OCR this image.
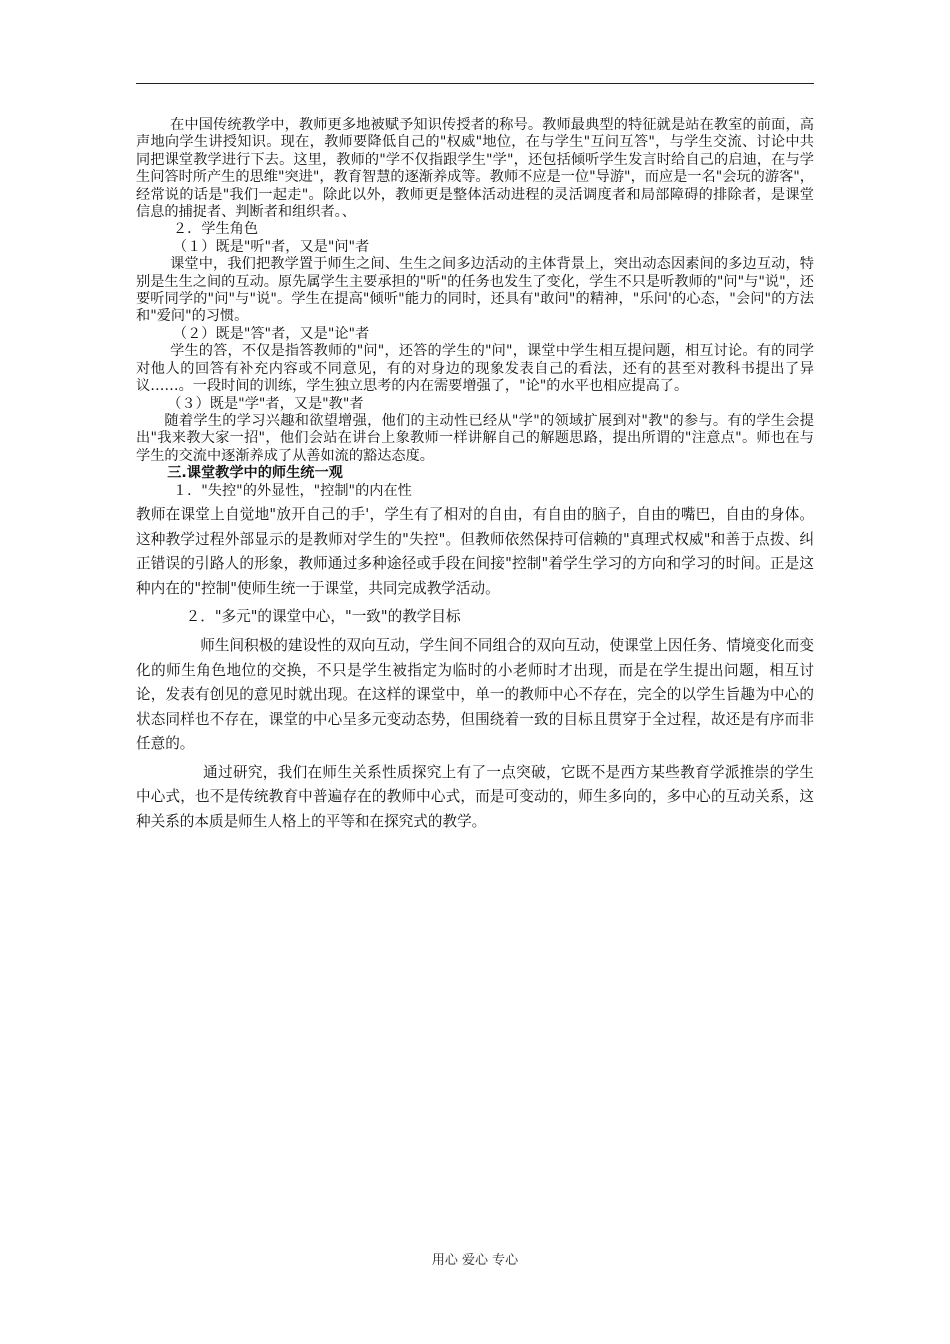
在中国传统教学中，教师更多地被赋予知识传授者的称号。教师最典型的特征就是站在教室的前面，高声地向学生讲授知识。现在，教师要降低自己的"权威"地位，在与学生"互问互答"，与学生交流、讨论中共同把课堂教学进行下去。这里，教师的"学不仅指跟学生"学"，还包括倾听学生发言时给自己的启迪，在与学生问答时所产生的思维"突进"，教育智慧的逐渐养成等。教师不应是一位"导游"，而应是一名"会玩的游客"，经常说的话是"我们一起走"。除此以外，教师更是整体活动进程的灵活调度者和局部障碍的排除者，是课堂信息的捕捉者、判断者和组织者。、

２．学生角色

（１）既是"听"者，又是"问"者

课堂中，我们把教学置于师生之间、生生之间多边活动的主体背景上，突出动态因素间的多边互动，特别是生生之间的互动。原先属学生主要承担的"听"的任务也发生了变化，学生不只是听教师的"问"与"说"，还要听同学的"问"与"说"。学生在提高"倾听"能力的同时，还具有"敢问"的精神，"乐问'的心态，"会问"的方法和"爱问"的习惯。

（２）既是"答"者，又是"论"者

学生的答，不仅是指答教师的"问"，还答的学生的"问"，课堂中学生相互提问题，相互讨论。有的同学对他人的回答有补充内容或不同意见，有的对身边的现象发表自己的看法，还有的甚至对教科书提出了异议……。一段时间的训练，学生独立思考的内在需要增强了，"论"的水平也相应提高了。

（３）既是"学"者，又是"教"者

随着学生的学习兴趣和欲望增强，他们的主动性已经从"学"的领域扩展到对"教"的参与。有的学生会提出"我来教大家一招"，他们会站在讲台上象教师一样讲解自己的解题思路，提出所谓的"注意点"。师也在与学生的交流中逐渐养成了从善如流的豁达态度。

三.课堂教学中的师生统一观

１．"失控"的外显性，"控制"的内在性

教师在课堂上自觉地"放开自己的手'，学生有了相对的自由，有自由的脑子，自由的嘴巴，自由的身体。这种教学过程外部显示的是教师对学生的"失控"。但教师依然保持可信赖的"真理式权威"和善于点拨、纠正错误的引路人的形象，教师通过多种途径或手段在间接"控制"着学生学习的方向和学习的时间。正是这种内在的"控制"使师生统一于课堂，共同完成教学活动。

２．"多元"的课堂中心，"一致"的教学目标

师生间积极的建设性的双向互动，学生间不同组合的双向互动，使课堂上因任务、情境变化而变化的师生角色地位的交换，不只是学生被指定为临时的小老师时才出现，而是在学生提出问题，相互讨论，发表有创见的意见时就出现。在这样的课堂中，单一的教师中心不存在，完全的以学生旨趣为中心的状态同样也不存在，课堂的中心呈多元变动态势，但围绕着一致的目标且贯穿于全过程，故还是有序而非任意的。

通过研究，我们在师生关系性质探究上有了一点突破，它既不是西方某些教育学派推崇的学生中心式，也不是传统教育中普遍存在的教师中心式，而是可变动的，师生多向的，多中心的互动关系，这种关系的本质是师生人格上的平等和在探究式的教学。

用心 爱心 专心
